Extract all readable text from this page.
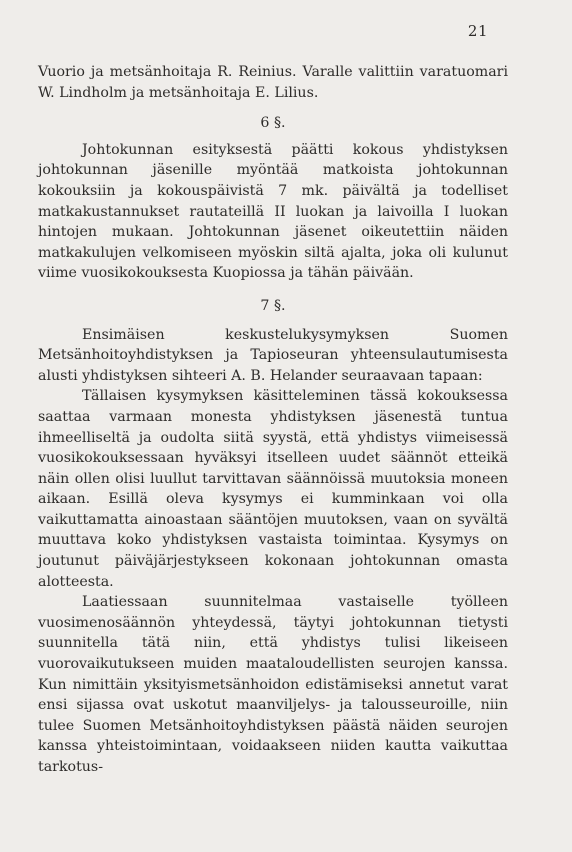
21

Vuorio ja metsänhoitaja R. Reinius. Varalle valittiin varatuomari W. Lindholm ja metsänhoitaja E. Lilius.

6 §.

Johtokunnan esityksestä päätti kokous yhdistyksen johtokunnan jäsenille myöntää matkoista johtokunnan kokouksiin ja kokouspäivistä 7 mk. päivältä ja todelliset matkakustannukset rautateillä II luokan ja laivoilla I luokan hintojen mukaan. Johtokunnan jäsenet oikeutettiin näiden matkakulujen velkomiseen myöskin siltä ajalta, joka oli kulunut viime vuosikokouksesta Kuopiossa ja tähän päivään.

7 §.

Ensimäisen keskustelukysymyksen Suomen Metsänhoitoyhdistyksen ja Tapioseuran yhteensulautumisesta alusti yhdistyksen sihteeri A. B. Helander seuraavaan tapaan:

Tällaisen kysymyksen käsitteleminen tässä kokouksessa saattaa varmaan monesta yhdistyksen jäsenestä tuntua ihmeelliseltä ja oudolta siitä syystä, että yhdistys viimeisessä vuosikokouksessaan hyväksyi itselleen uudet säännöt etteikä näin ollen olisi luullut tarvittavan säännöissä muutoksia moneen aikaan. Esillä oleva kysymys ei kumminkaan voi olla vaikuttamatta ainoastaan sääntöjen muutoksen, vaan on syvältä muuttava koko yhdistyksen vastaista toimintaa. Kysymys on joutunut päiväjärjestykseen kokonaan johtokunnan omasta alotteesta.

Laatiessaan suunnitelmaa vastaiselle työlleen vuosimenosäännön yhteydessä, täytyi johtokunnan tietysti suunnitella tätä niin, että yhdistys tulisi likeiseen vuorovaikutukseen muiden maataloudellisten seurojen kanssa. Kun nimittäin yksityismetsänhoidon edistämiseksi annetut varat ensi sijassa ovat uskotut maanviljelys- ja talousseuroille, niin tulee Suomen Metsänhoitoyhdistyksen päästä näiden seurojen kanssa yhteistoimintaan, voidaakseen niiden kautta vaikuttaa tarkotus-
